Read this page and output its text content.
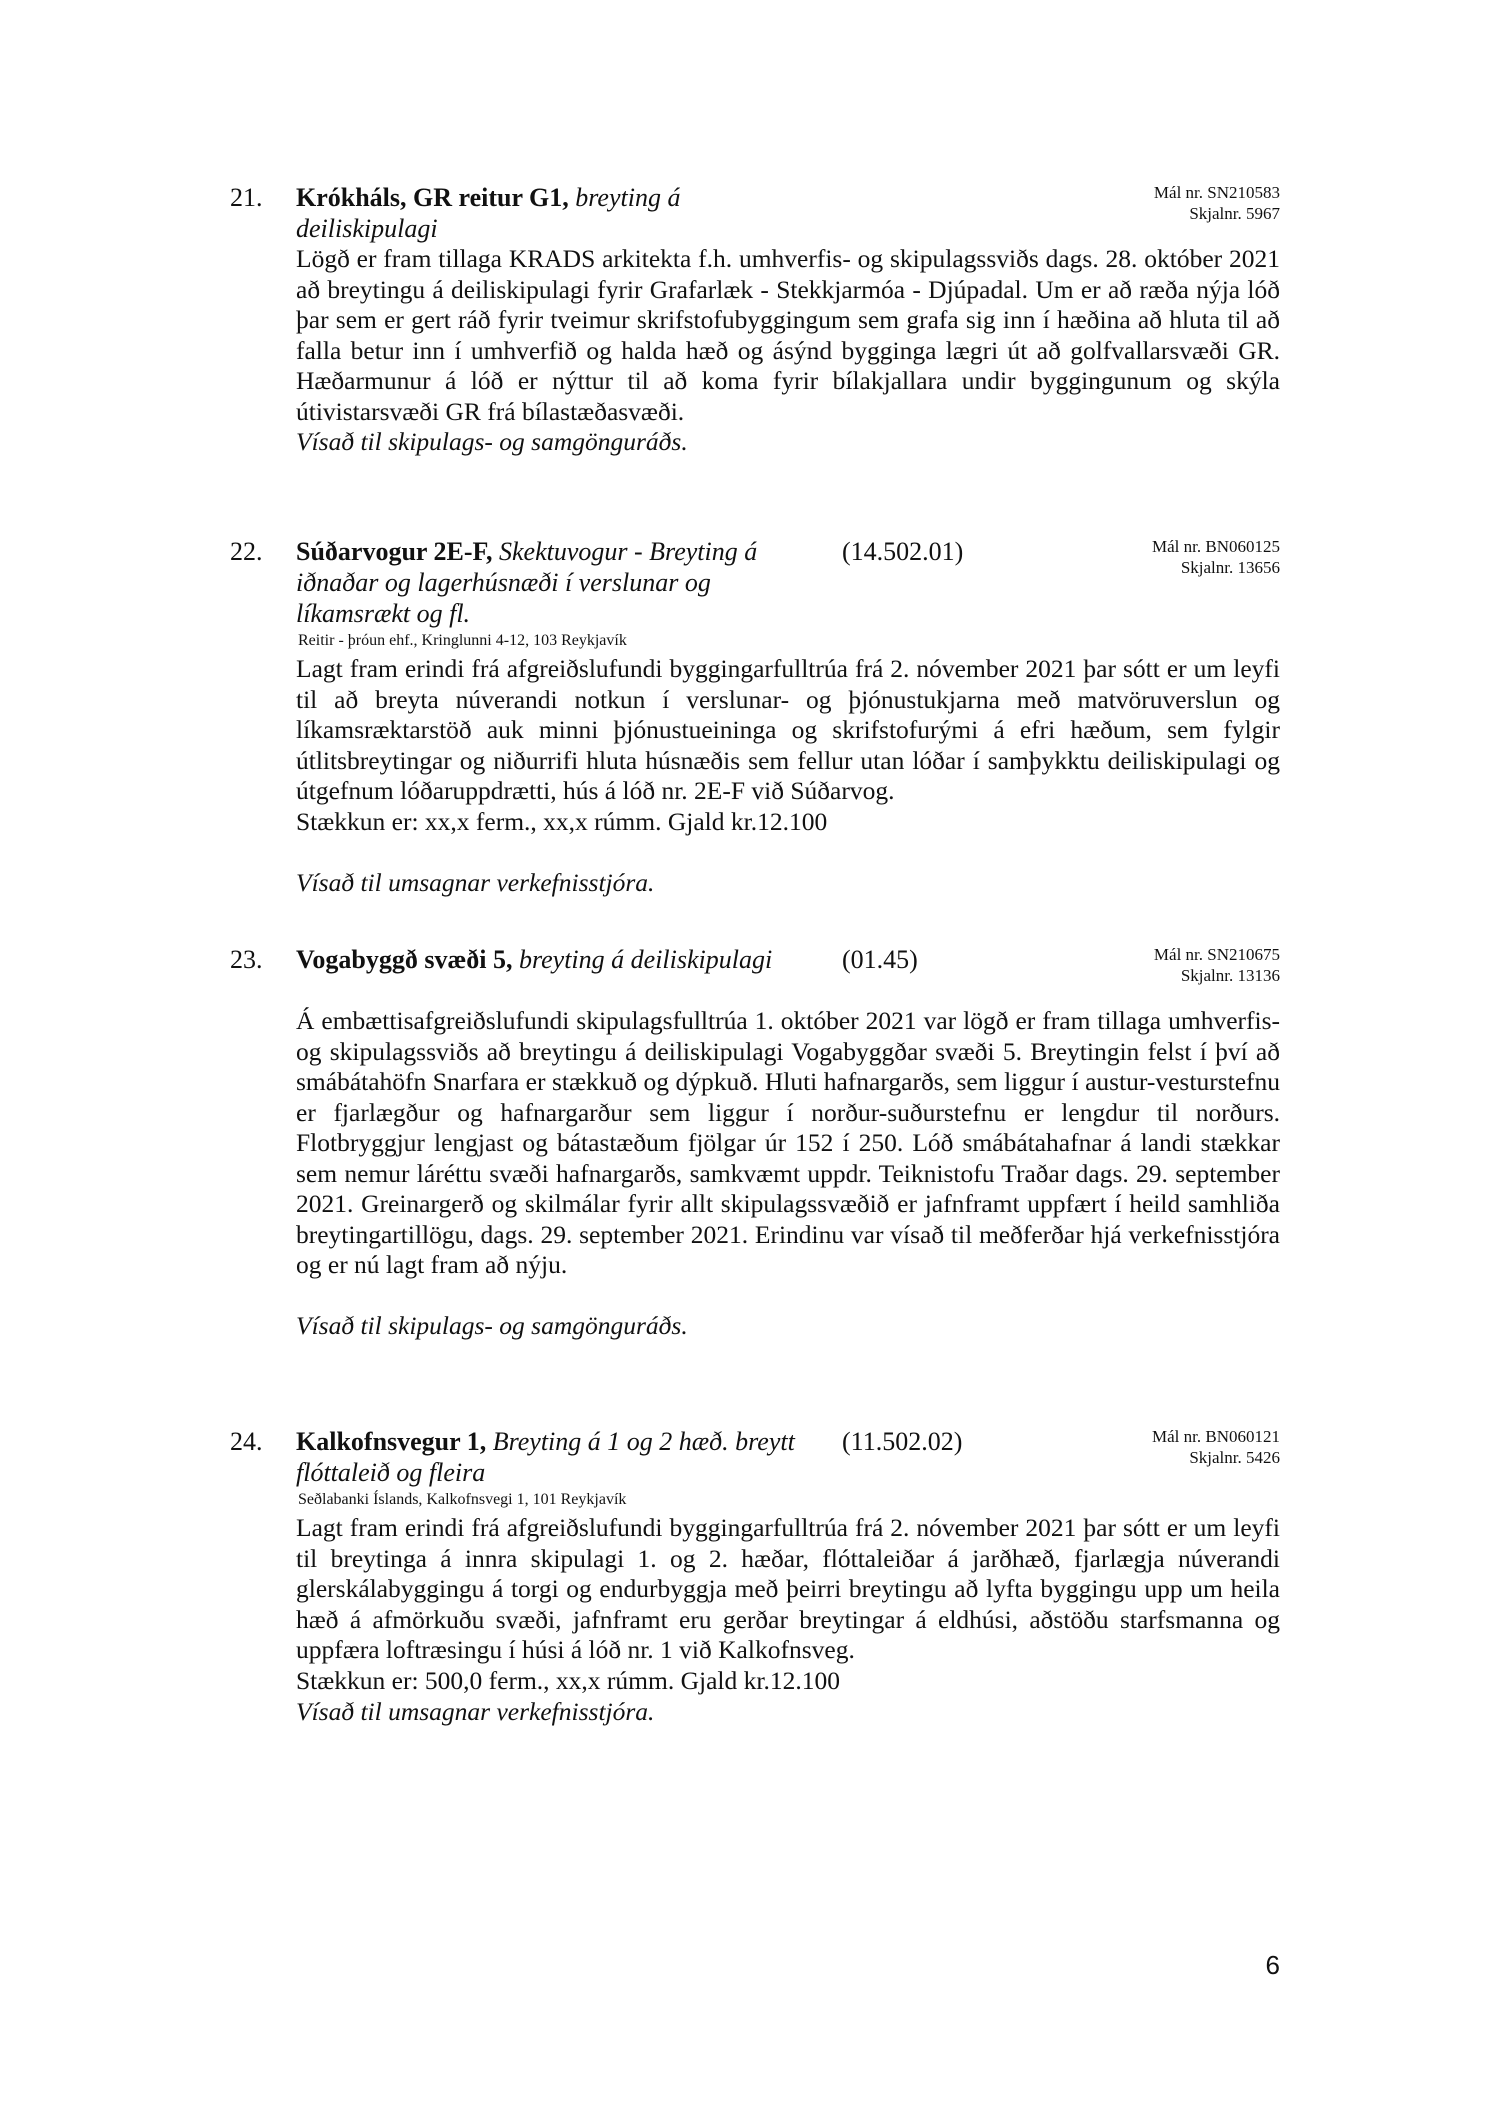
21. Krókháls, GR reitur G1, breyting á deiliskipulagi
Mál nr. SN210583
Skjalnr. 5967

Lögð er fram tillaga KRADS arkitekta f.h. umhverfis- og skipulagssviðs dags. 28. október 2021 að breytingu á deiliskipulagi fyrir Grafarlæk - Stekkjarmóa - Djúpadal. Um er að ræða nýja lóð þar sem er gert ráð fyrir tveimur skrifstofubyggingum sem grafa sig inn í hæðina að hluta til að falla betur inn í umhverfið og halda hæð og ásýnd bygginga lægri út að golfvallarsvæði GR. Hæðarmunur á lóð er nýttur til að koma fyrir bílakjallara undir byggingunum og skýla útivistarsvæði GR frá bílastæðasvæði.

Vísað til skipulags- og samgönguráðs.
22. Súðarvogur 2E-F, Skektuvogur - Breyting á iðnaðar og lagerhúsnæði í verslunar og líkamsrækt og fl.
(14.502.01)	Mál nr. BN060125
Skjalnr. 13656
Reitir - þróun ehf., Kringlunni 4-12, 103 Reykjavík

Lagt fram erindi frá afgreiðslufundi byggingarfulltrúa frá 2. nóvember 2021 þar sótt er um leyfi til að breyta núverandi notkun í verslunar- og þjónustukjarna með matvöruverslun og líkamsræktarstöð auk minni þjónustueininga og skrifstofurými á efri hæðum, sem fylgir útlitsbreytingar og niðurrifi hluta húsnæðis sem fellur utan lóðar í samþykktu deiliskipulagi og útgefnum lóðaruppdrætti, hús á lóð nr. 2E-F við Súðarvog.

Stækkun er: xx,x ferm., xx,x rúmm. Gjald kr.12.100

Vísað til umsagnar verkefnisstjóra.
23. Vogabyggð svæði 5, breyting á deiliskipulagi	(01.45)	Mál nr. SN210675
Skjalnr. 13136

Á embættisafgreiðslufundi skipulagsfulltrúa 1. október 2021 var lögð er fram tillaga umhverfis- og skipulagssviðs að breytingu á deiliskipulagi Vogabyggðar svæði 5. Breytingin felst í því að smábátahöfn Snarfara er stækkuð og dýpkuð. Hluti hafnargarðs, sem liggur í austur-vesturstefnu er fjarlægður og hafnargarður sem liggur í norður-suðurstefnu er lengdur til norðurs. Flotbryggjur lengjast og bátastæðum fjölgar úr 152 í 250. Lóð smábátahafnar á landi stækkar sem nemur láréttu svæði hafnargarðs, samkvæmt uppdr. Teiknistofu Traðar dags. 29. september 2021. Greinargerð og skilmálar fyrir allt skipulagssvæðið er jafnframt uppfært í heild samhliða breytingartillögu, dags. 29. september 2021. Erindinu var vísað til meðferðar hjá verkefnisstjóra og er nú lagt fram að nýju.

Vísað til skipulags- og samgönguráðs.
24. Kalkofnsvegur 1, Breyting á 1 og 2 hæð. breytt flóttaleið og fleira
(11.502.02)	Mál nr. BN060121
Skjalnr. 5426
Seðlabanki Íslands, Kalkofnsvegi 1, 101 Reykjavík

Lagt fram erindi frá afgreiðslufundi byggingarfulltrúa frá 2. nóvember 2021 þar sótt er um leyfi til breytinga á innra skipulagi 1. og 2. hæðar, flóttaleiðar á jarðhæð, fjarlægja núverandi glerskálabyggingu á torgi og endurbyggja með þeirri breytingu að lyfta byggingu upp um heila hæð á afmörkuðu svæði, jafnframt eru gerðar breytingar á eldhúsi, aðstöðu starfsmanna og uppfæra loftræsingu í húsi á lóð nr. 1 við Kalkofnsveg.

Stækkun er: 500,0 ferm., xx,x rúmm. Gjald kr.12.100

Vísað til umsagnar verkefnisstjóra.
6
